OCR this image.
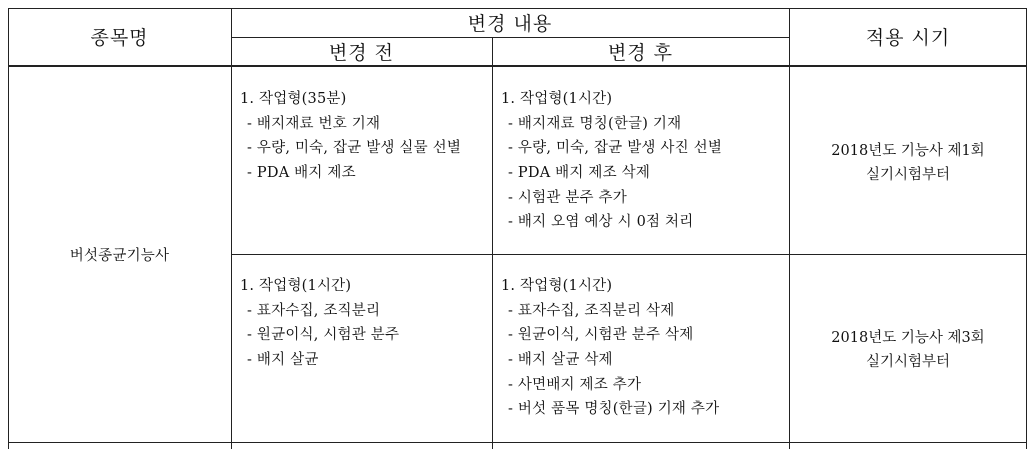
종목명
변경 내용
변경 전	변경 후
적용 시기
버섯종균기능사
1. 작업형(35분)
- 배지재료 번호 기재
- 우량, 미숙, 잡균 발생 실물 선별
- PDA 배지 제조
1. 작업형(1시간)
- 배지재료 명칭(한글) 기재
- 우량, 미숙, 잡균 발생 사진 선별
- PDA 배지 제조 삭제
- 시험관 분주 추가
- 배지 오염 예상 시 0점 처리
2018년도 기능사 제1회
실기시험부터
1. 작업형(1시간)
- 표자수집, 조직분리
- 원균이식, 시험관 분주
- 배지 살균
1. 작업형(1시간)
- 표자수집, 조직분리 삭제
- 원균이식, 시험관 분주 삭제
- 배지 살균 삭제
- 사면배지 제조 추가
- 버섯 품목 명칭(한글) 기재 추가
2018년도 기능사 제3회
실기시험부터
